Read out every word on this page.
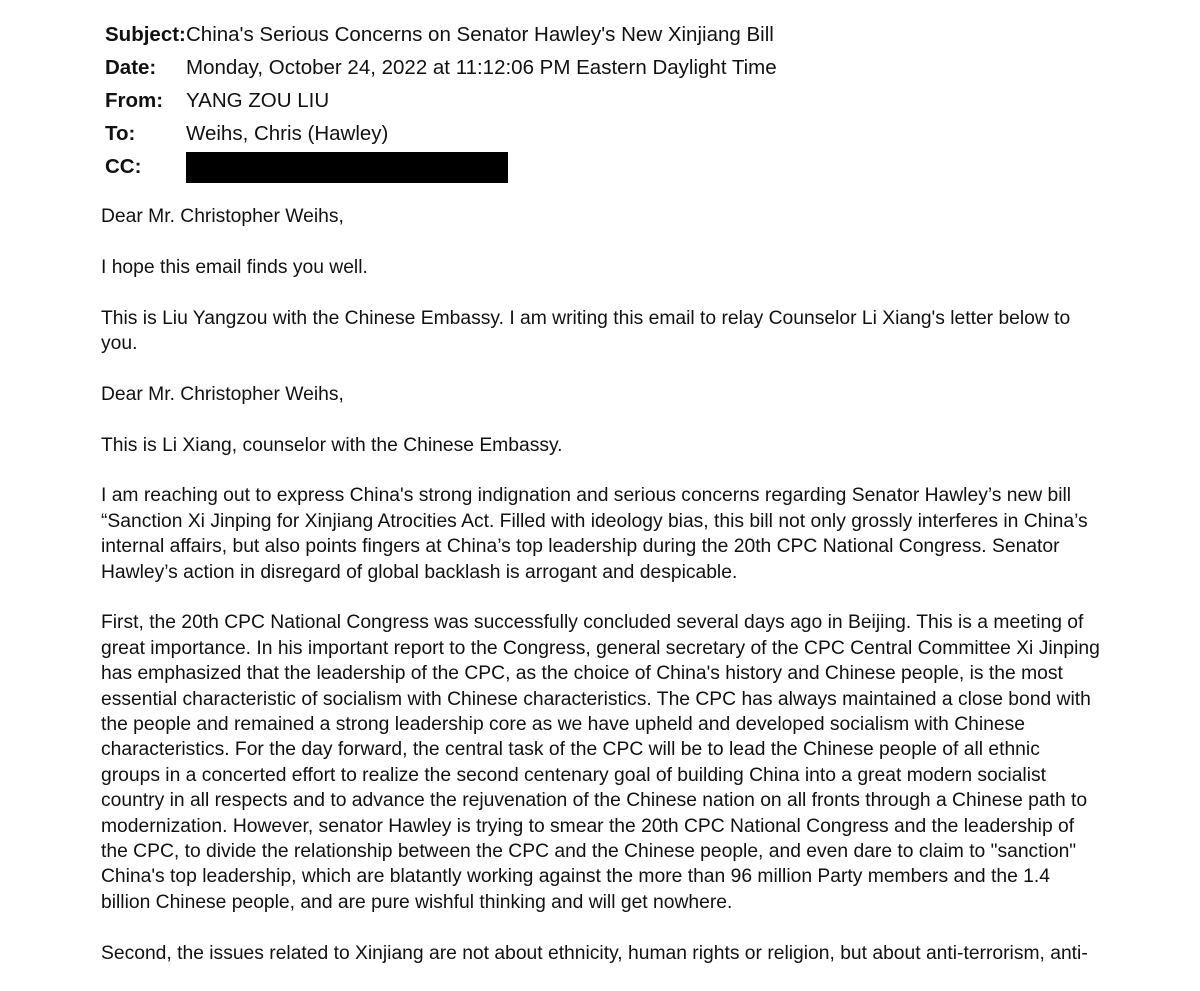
Subject: China's Serious Concerns on Senator Hawley's New Xinjiang Bill
Date:	Monday, October 24, 2022 at 11:12:06 PM Eastern Daylight Time
From:	YANG ZOU LIU
To:	Weihs, Chris (Hawley)
CC:

Dear Mr. Christopher Weihs,

I hope this email finds you well.

This is Liu Yangzou with the Chinese Embassy. I am writing this email to relay Counselor Li Xiang's letter below to you.

Dear Mr. Christopher Weihs,

This is Li Xiang, counselor with the Chinese Embassy.

I am reaching out to express China's strong indignation and serious concerns regarding Senator Hawley’s new bill “Sanction Xi Jinping for Xinjiang Atrocities Act. Filled with ideology bias, this bill not only grossly interferes in China’s internal affairs, but also points fingers at China’s top leadership during the 20th CPC National Congress. Senator Hawley’s action in disregard of global backlash is arrogant and despicable.

First, the 20th CPC National Congress was successfully concluded several days ago in Beijing. This is a meeting of great importance. In his important report to the Congress, general secretary of the CPC Central Committee Xi Jinping has emphasized that the leadership of the CPC, as the choice of China's history and Chinese people, is the most essential characteristic of socialism with Chinese characteristics. The CPC has always maintained a close bond with the people and remained a strong leadership core as we have upheld and developed socialism with Chinese characteristics. For the day forward, the central task of the CPC will be to lead the Chinese people of all ethnic groups in a concerted effort to realize the second centenary goal of building China into a great modern socialist country in all respects and to advance the rejuvenation of the Chinese nation on all fronts through a Chinese path to modernization. However, senator Hawley is trying to smear the 20th CPC National Congress and the leadership of the CPC, to divide the relationship between the CPC and the Chinese people, and even dare to claim to "sanction" China's top leadership, which are blatantly working against the more than 96 million Party members and the 1.4 billion Chinese people, and are pure wishful thinking and will get nowhere.

Second, the issues related to Xinjiang are not about ethnicity, human rights or religion, but about anti-terrorism, anti-
